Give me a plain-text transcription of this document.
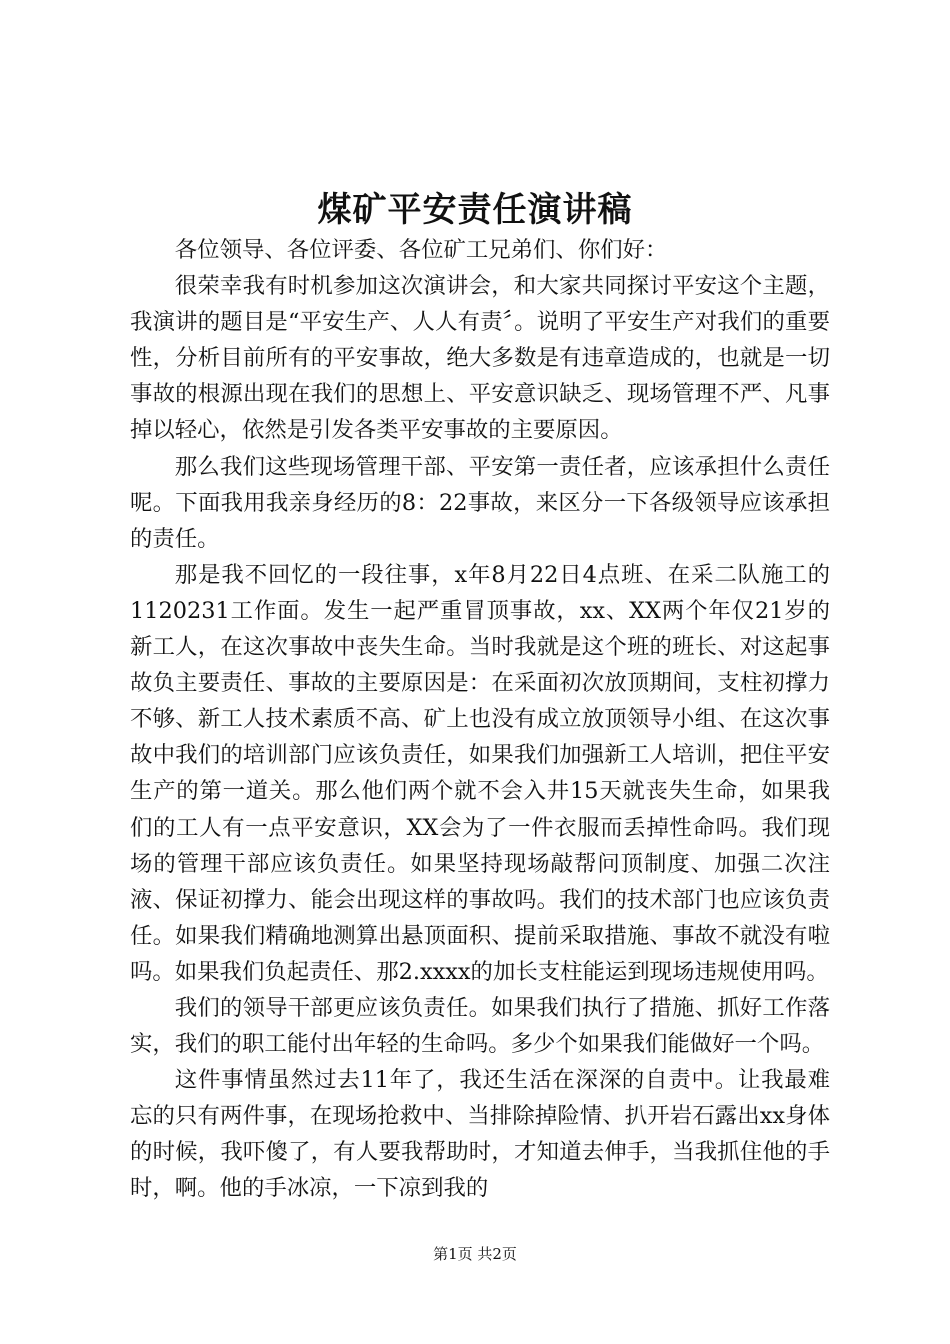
煤矿平安责任演讲稿

各位领导、各位评委、各位矿工兄弟们、你们好：

很荣幸我有时机参加这次演讲会，和大家共同探讨平安这个主题，我演讲的题目是“平安生产、人人有责〞。说明了平安生产对我们的重要性，分析目前所有的平安事故，绝大多数是有违章造成的，也就是一切事故的根源出现在我们的思想上、平安意识缺乏、现场管理不严、凡事掉以轻心，依然是引发各类平安事故的主要原因。

那么我们这些现场管理干部、平安第一责任者，应该承担什么责任呢。下面我用我亲身经历的8：22事故，来区分一下各级领导应该承担的责任。

那是我不回忆的一段往事，x年8月22日4点班、在采二队施工的1120231工作面。发生一起严重冒顶事故，xx、XX两个年仅21岁的新工人，在这次事故中丧失生命。当时我就是这个班的班长、对这起事故负主要责任、事故的主要原因是：在采面初次放顶期间，支柱初撑力不够、新工人技术素质不高、矿上也没有成立放顶领导小组、在这次事故中我们的培训部门应该负责任，如果我们加强新工人培训，把住平安生产的第一道关。那么他们两个就不会入井15天就丧失生命，如果我们的工人有一点平安意识，XX会为了一件衣服而丢掉性命吗。我们现场的管理干部应该负责任。如果坚持现场敲帮问顶制度、加强二次注液、保证初撑力、能会出现这样的事故吗。我们的技术部门也应该负责任。如果我们精确地测算出悬顶面积、提前采取措施、事故不就没有啦吗。如果我们负起责任、那2.xxxx的加长支柱能运到现场违规使用吗。

我们的领导干部更应该负责任。如果我们执行了措施、抓好工作落实，我们的职工能付出年轻的生命吗。多少个如果我们能做好一个吗。

这件事情虽然过去11年了，我还生活在深深的自责中。让我最难忘的只有两件事，在现场抢救中、当排除掉险情、扒开岩石露出xx身体的时候，我吓傻了，有人要我帮助时，才知道去伸手，当我抓住他的手时，啊。他的手冰凉，一下凉到我的

第1页 共2页
